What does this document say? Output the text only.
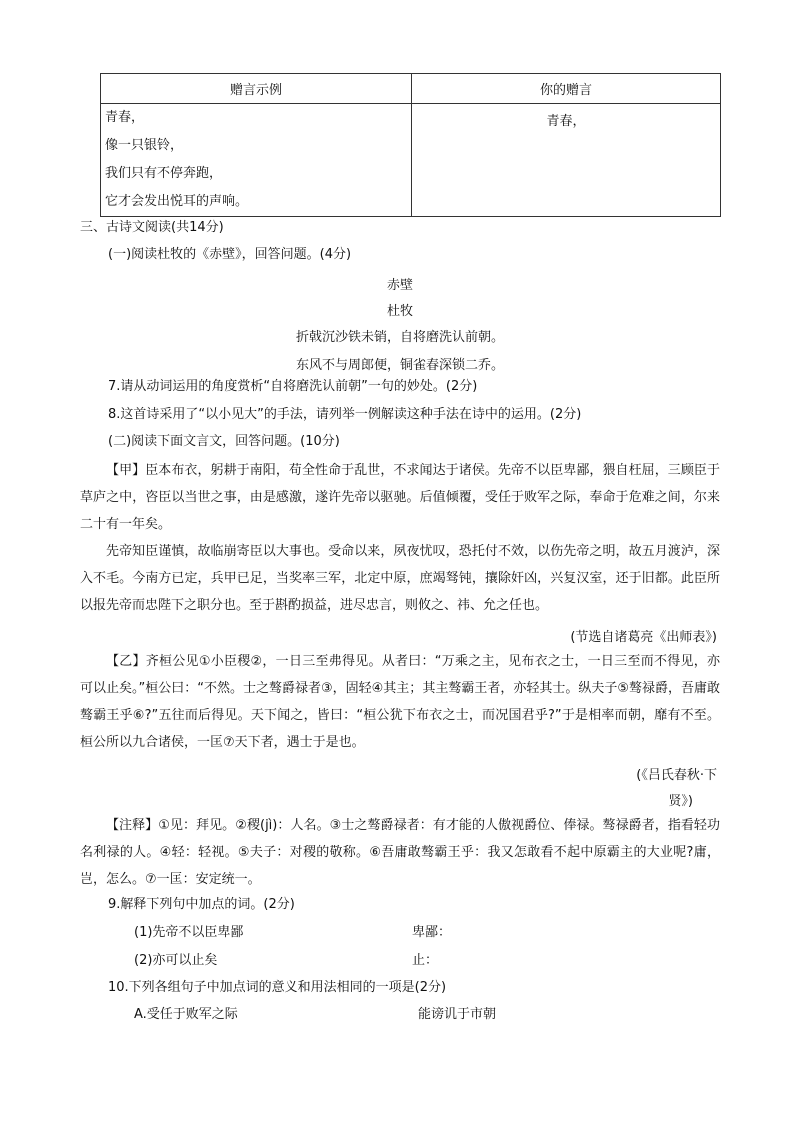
赠言示例	你的赠言

青春，
像一只银铃，
我们只有不停奔跑，
它才会发出悦耳的声响。	青春，
三、古诗文阅读(共14分)
(一)阅读杜牧的《赤壁》，回答问题。(4分)
赤壁
杜牧
折戟沉沙铁未销，自将磨洗认前朝。
东风不与周郎便，铜雀春深锁二乔。
7.请从动词运用的角度赏析“自将磨洗认前朝”一句的妙处。(2分)
8.这首诗采用了“以小见大”的手法，请列举一例解读这种手法在诗中的运用。(2分)
(二)阅读下面文言文，回答问题。(10分)
【甲】臣本布衣，躬耕于南阳，苟全性命于乱世，不求闻达于诸侯。先帝不以臣卑鄙，猥自枉屈，三顾臣于草庐之中，咨臣以当世之事，由是感激，遂许先帝以驱驰。后值倾覆，受任于败军之际，奉命于危难之间，尔来二十有一年矣。
先帝知臣谨慎，故临崩寄臣以大事也。受命以来，夙夜忧叹，恐托付不效，以伤先帝之明，故五月渡泸，深入不毛。今南方已定，兵甲已足，当奖率三军，北定中原，庶竭驽钝，攘除奸凶，兴复汉室，还于旧都。此臣所以报先帝而忠陛下之职分也。至于斟酌损益，进尽忠言，则攸之、祎、允之任也。
(节选自诸葛亮《出师表》)
【乙】齐桓公见①小臣稷②，一日三至弗得见。从者曰：“万乘之主，见布衣之士，一日三至而不得见，亦可以止矣。”桓公曰：“不然。士之骜爵禄者③，固轻④其主；其主骜霸王者，亦轻其士。纵夫子⑤骜禄爵，吾庸敢骜霸王乎⑥?”五往而后得见。天下闻之，皆曰：“桓公犹下布衣之士，而况国君乎?”于是相率而朝，靡有不至。桓公所以九合诸侯，一匡⑦天下者，遇士于是也。
(《吕氏春秋·下
贤》)
【注释】①见：拜见。②稷(jì)：人名。③士之骜爵禄者：有才能的人傲视爵位、俸禄。骜禄爵者，指看轻功名利禄的人。④轻：轻视。⑤夫子：对稷的敬称。⑥吾庸敢骜霸王乎：我又怎敢看不起中原霸主的大业呢?庸，岂，怎么。⑦一匡：安定统一。
9.解释下列句中加点的词。(2分)
(1)先帝不以臣卑鄙	卑鄙：
(2)亦可以止矣	止：
10.下列各组句子中加点词的意义和用法相同的一项是(2分)
A.受任于败军之际	能谤讥于市朝
